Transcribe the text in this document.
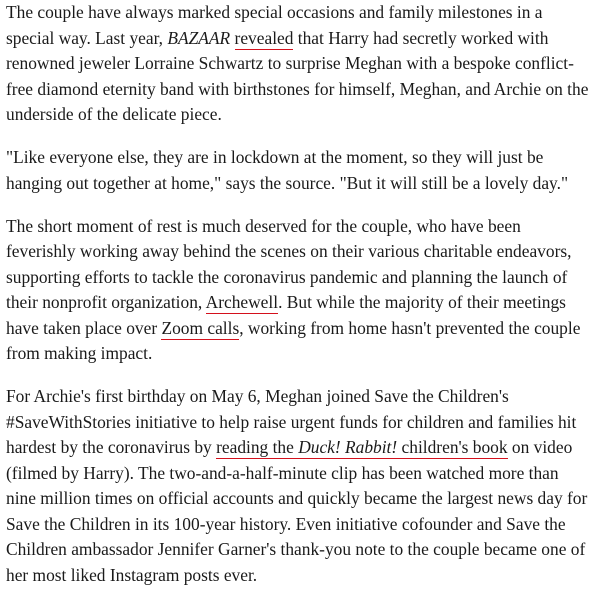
The couple have always marked special occasions and family milestones in a special way. Last year, BAZAAR revealed that Harry had secretly worked with renowned jeweler Lorraine Schwartz to surprise Meghan with a bespoke conflict-free diamond eternity band with birthstones for himself, Meghan, and Archie on the underside of the delicate piece.

"Like everyone else, they are in lockdown at the moment, so they will just be hanging out together at home," says the source. "But it will still be a lovely day."

The short moment of rest is much deserved for the couple, who have been feverishly working away behind the scenes on their various charitable endeavors, supporting efforts to tackle the coronavirus pandemic and planning the launch of their nonprofit organization, Archewell. But while the majority of their meetings have taken place over Zoom calls, working from home hasn't prevented the couple from making impact.

For Archie's first birthday on May 6, Meghan joined Save the Children's #SaveWithStories initiative to help raise urgent funds for children and families hit hardest by the coronavirus by reading the Duck! Rabbit! children's book on video (filmed by Harry). The two-and-a-half-minute clip has been watched more than nine million times on official accounts and quickly became the largest news day for Save the Children in its 100-year history. Even initiative cofounder and Save the Children ambassador Jennifer Garner's thank-you note to the couple became one of her most liked Instagram posts ever.
